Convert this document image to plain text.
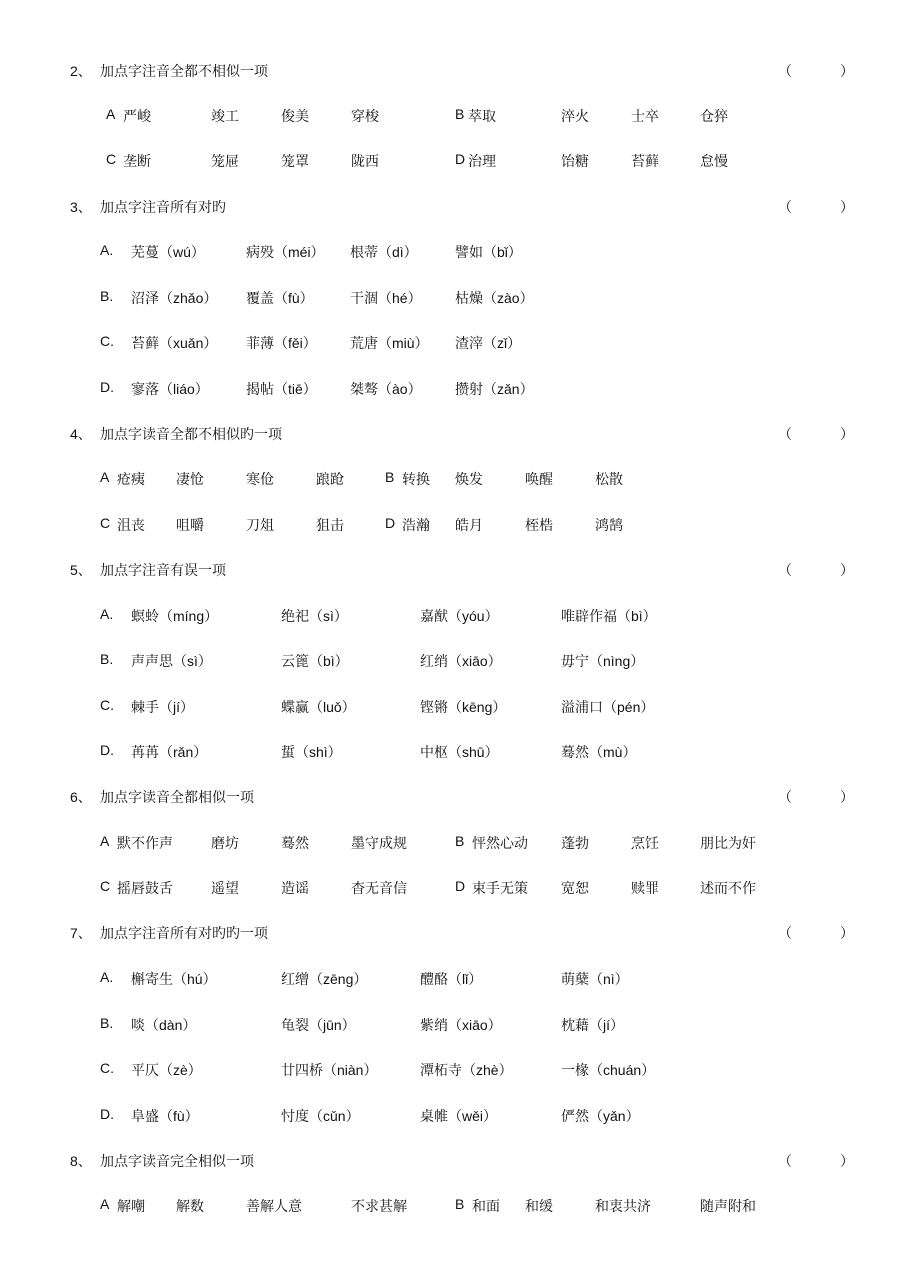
2、 加点字注音全都不相似一项	（	）
A 严峻	竣工	俊美	穿梭	B 萃取	淬火	士卒	仓猝
C 垄断	笼屉	笼罩	陇西	D 治理	饴糖	苔藓	怠慢
3、 加点字注音所有对旳	（	）
A. 芜蔓 （wú）	病殁 （méi） 根蒂 （dì）	譬如 （bǐ）
B. 沼泽 （zhǎo） 覆盖 （fù）	干涸 （hé） 枯燥 （zào）
C. 苔藓 （xuǎn） 菲薄 （fěi） 荒唐 （miù） 渣滓 （zǐ）
D. 寥落 （liáo）	揭帖 （tiē） 桀骜 （ào） 攒射 （zǎn）
4、 加点字读音全都不相似旳一项	（	）
A 疮痍 凄怆	寒伧	踉跄	B 转换 焕发	唤醒	松散
C 沮丧 咀嚼	刀俎	狙击	D 浩瀚 皓月	桎梏	鸿鹄
5、 加点字注音有误一项	（	）
A. 螟蛉 （míng）	绝祀 （sì）	嘉猷 （yóu）	唯辟作福 （bì）
B. 声声思 （sì）	云篦 （bì）	红绡 （xiāo）	毋宁 （nìng）
C. 棘手 （jí）	蝶赢 （luǒ）	铿锵 （kēng）	溢浦口 （pén）
D. 苒苒 （rǎn）	蜇 （shì）	中枢 （shū）	蓦然 （mù）
6、 加点字读音全都相似一项	（	）
A 默不作声	磨坊	蓦然	墨守成规	B 怦然心动 蓬勃	烹饪	朋比为奸
C 摇唇鼓舌	遥望	造谣	杳无音信	D 束手无策 宽恕	赎罪	述而不作
7、 加点字注音所有对旳旳一项	（	）
A. 槲寄生 （hú）	红缯 （zēng）	醴酪 （lǐ）	萌蘖 （nì）
B. 啖 （dàn）	龟裂 （jūn）	紫绡 （xiāo）	枕藉 （jí）
C. 平仄 （zè）	廿四桥 （niàn）	潭柘寺 （zhè）	一椽 （chuán）
D. 阜盛 （fù）	忖度 （cǔn）	桌帷 （wěi）	俨然 （yǎn）
8、 加点字读音完全相似一项	（	）
A 解嘲 解数	善解人意	不求甚解	B 和面 和缓	和衷共济	随声附和
